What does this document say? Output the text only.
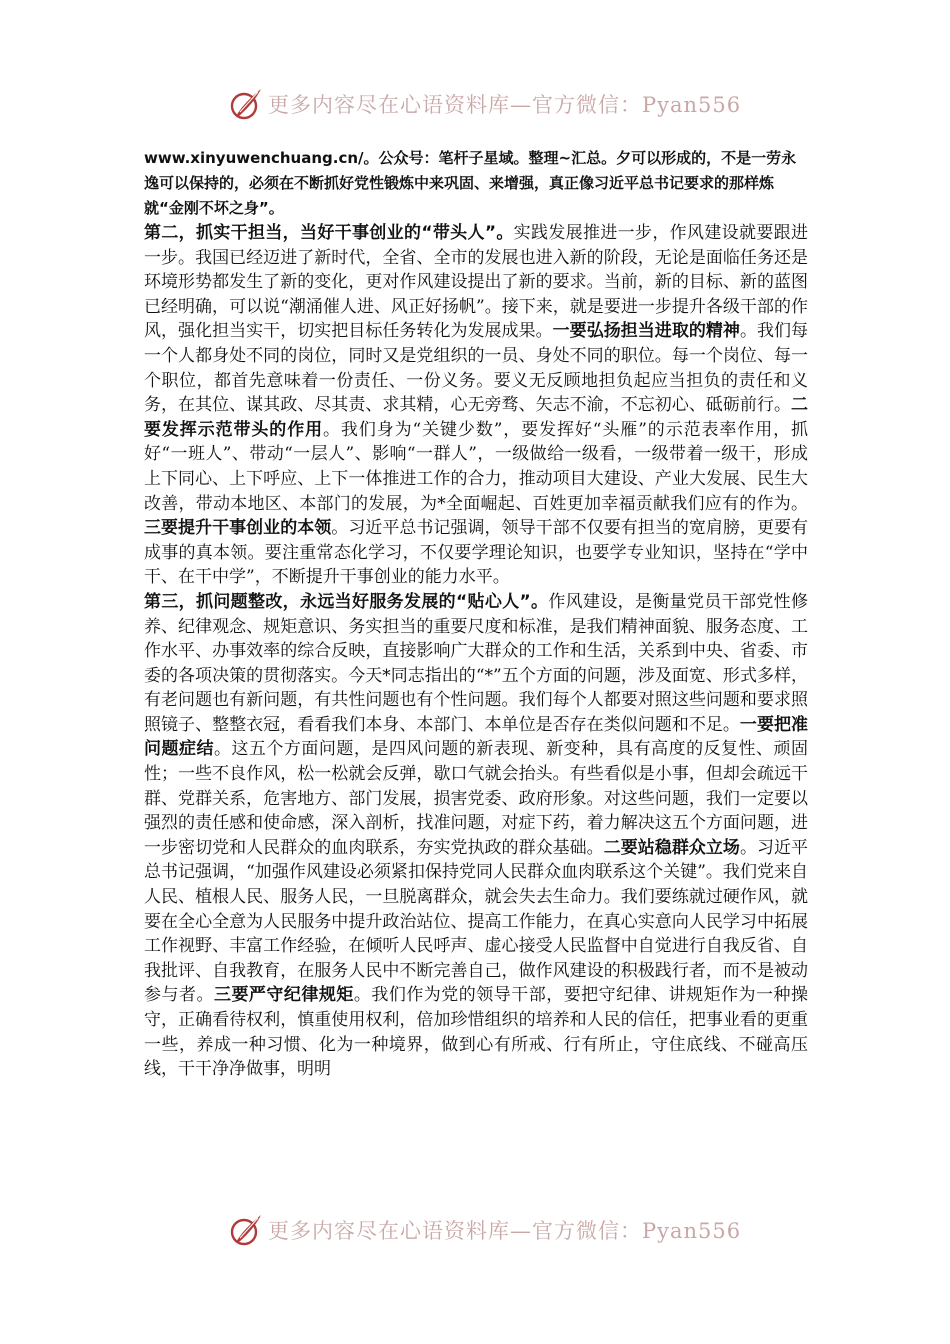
更多内容尽在心语资料库—官方微信：Pyan556

www.xinyuwenchuang.cn/。公众号：笔杆子星域。整理~汇总。夕可以形成的，不是一劳永逸可以保持的，必须在不断抓好党性锻炼中来巩固、来增强，真正像习近平总书记要求的那样炼就“金刚不坏之身”。

第二，抓实干担当，当好干事创业的“带头人”。实践发展推进一步，作风建设就要跟进一步。我国已经迈进了新时代，全省、全市的发展也进入新的阶段，无论是面临任务还是环境形势都发生了新的变化，更对作风建设提出了新的要求。当前，新的目标、新的蓝图已经明确，可以说“潮涌催人进、风正好扬帆”。接下来，就是要进一步提升各级干部的作风，强化担当实干，切实把目标任务转化为发展成果。一要弘扬担当进取的精神。我们每一个人都身处不同的岗位，同时又是党组织的一员、身处不同的职位。每一个岗位、每一个职位，都首先意味着一份责任、一份义务。要义无反顾地担负起应当担负的责任和义务，在其位、谋其政、尽其责、求其精，心无旁骛、矢志不渝，不忘初心、砥砺前行。二要发挥示范带头的作用。我们身为“关键少数”，要发挥好“头雁”的示范表率作用，抓好“一班人”、带动“一层人”、影响“一群人”，一级做给一级看，一级带着一级干，形成上下同心、上下呼应、上下一体推进工作的合力，推动项目大建设、产业大发展、民生大改善，带动本地区、本部门的发展，为*全面崛起、百姓更加幸福贡献我们应有的作为。三要提升干事创业的本领。习近平总书记强调，领导干部不仅要有担当的宽肩膀，更要有成事的真本领。要注重常态化学习，不仅要学理论知识，也要学专业知识，坚持在“学中干、在干中学”，不断提升干事创业的能力水平。

第三，抓问题整改，永远当好服务发展的“贴心人”。作风建设，是衡量党员干部党性修养、纪律观念、规矩意识、务实担当的重要尺度和标准，是我们精神面貌、服务态度、工作水平、办事效率的综合反映，直接影响广大群众的工作和生活，关系到中央、省委、市委的各项决策的贯彻落实。今天*同志指出的“*”五个方面的问题，涉及面宽、形式多样，有老问题也有新问题，有共性问题也有个性问题。我们每个人都要对照这些问题和要求照照镜子、整整衣冠，看看我们本身、本部门、本单位是否存在类似问题和不足。一要把准问题症结。这五个方面问题，是四风问题的新表现、新变种，具有高度的反复性、顽固性；一些不良作风，松一松就会反弹，歇口气就会抬头。有些看似是小事，但却会疏远干群、党群关系，危害地方、部门发展，损害党委、政府形象。对这些问题，我们一定要以强烈的责任感和使命感，深入剖析，找准问题，对症下药，着力解决这五个方面问题，进一步密切党和人民群众的血肉联系，夯实党执政的群众基础。二要站稳群众立场。习近平总书记强调，“加强作风建设必须紧扣保持党同人民群众血肉联系这个关键”。我们党来自人民、植根人民、服务人民，一旦脱离群众，就会失去生命力。我们要练就过硬作风，就要在全心全意为人民服务中提升政治站位、提高工作能力，在真心实意向人民学习中拓展工作视野、丰富工作经验，在倾听人民呼声、虚心接受人民监督中自觉进行自我反省、自我批评、自我教育，在服务人民中不断完善自己，做作风建设的积极践行者，而不是被动参与者。三要严守纪律规矩。我们作为党的领导干部，要把守纪律、讲规矩作为一种操守，正确看待权利，慎重使用权利，倍加珍惜组织的培养和人民的信任，把事业看的更重一些，养成一种习惯、化为一种境界，做到心有所戒、行有所止，守住底线、不碰高压线，干干净净做事，明明

更多内容尽在心语资料库—官方微信：Pyan556
